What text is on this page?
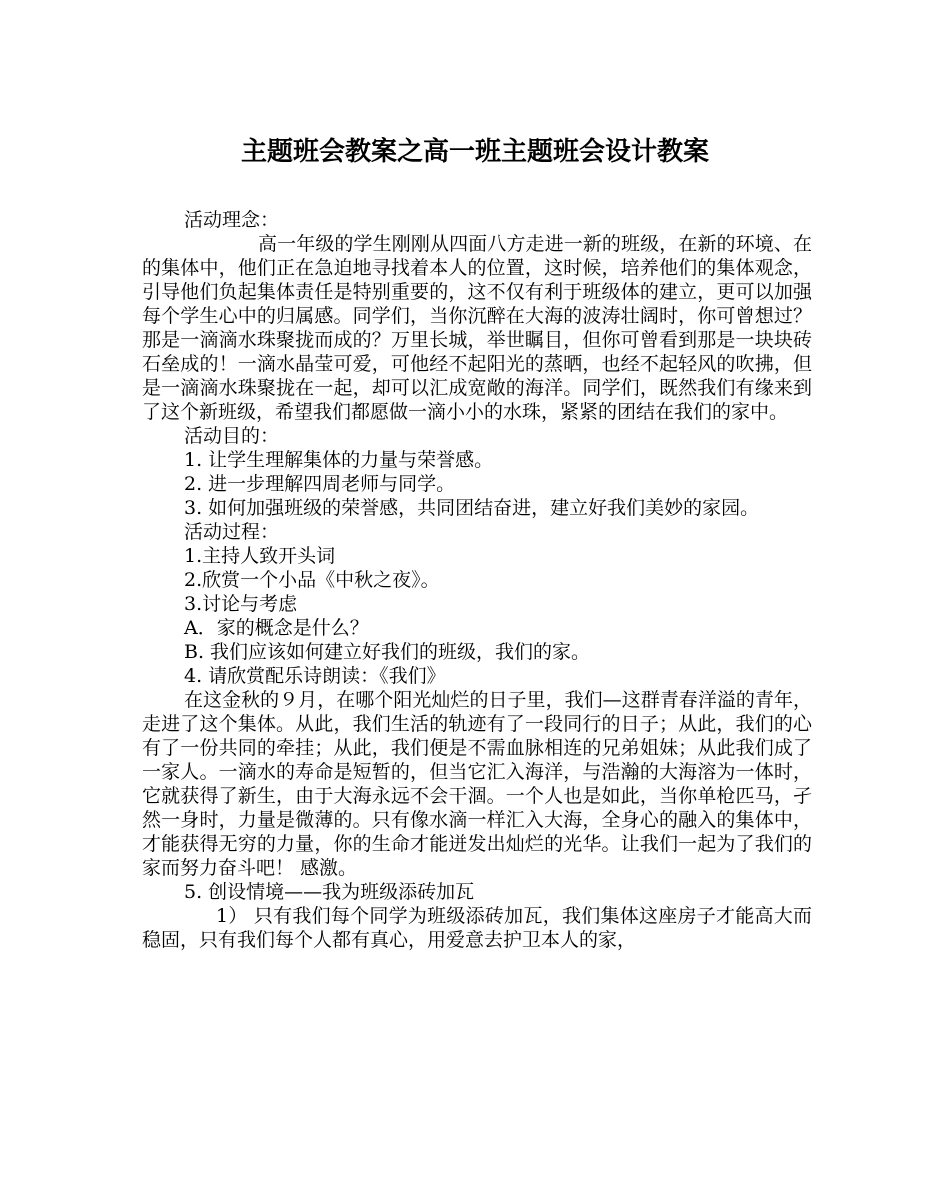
主题班会教案之高一班主题班会设计教案

活动理念：

高一年级的学生刚刚从四面八方走进一新的班级，在新的环境、在的集体中，他们正在急迫地寻找着本人的位置，这时候，培养他们的集体观念，引导他们负起集体责任是特别重要的，这不仅有利于班级体的建立，更可以加强每个学生心中的归属感。同学们，当你沉醉在大海的波涛壮阔时，你可曾想过？那是一滴滴水珠聚拢而成的？万里长城，举世瞩目，但你可曾看到那是一块块砖石垒成的！一滴水晶莹可爱，可他经不起阳光的蒸晒，也经不起轻风的吹拂，但是一滴滴水珠聚拢在一起，却可以汇成宽敞的海洋。同学们，既然我们有缘来到了这个新班级，希望我们都愿做一滴小小的水珠，紧紧的团结在我们的家中。

活动目的：

1. 让学生理解集体的力量与荣誉感。

2. 进一步理解四周老师与同学。

3. 如何加强班级的荣誉感，共同团结奋进，建立好我们美妙的家园。

活动过程：

1.主持人致开头词

2.欣赏一个小品《中秋之夜》。

3.讨论与考虑

A．家的概念是什么？

B. 我们应该如何建立好我们的班级，我们的家。

4. 请欣赏配乐诗朗读：《我们》

在这金秋的９月，在哪个阳光灿烂的日子里，我们—这群青春洋溢的青年，走进了这个集体。从此，我们生活的轨迹有了一段同行的日子；从此，我们的心有了一份共同的牵挂；从此，我们便是不需血脉相连的兄弟姐妹；从此我们成了一家人。一滴水的寿命是短暂的，但当它汇入海洋，与浩瀚的大海溶为一体时，它就获得了新生，由于大海永远不会干涸。一个人也是如此，当你单枪匹马，孑然一身时，力量是微薄的。只有像水滴一样汇入大海，全身心的融入的集体中，才能获得无穷的力量，你的生命才能迸发出灿烂的光华。让我们一起为了我们的家而努力奋斗吧！ 感激。

5. 创设情境——我为班级添砖加瓦

1） 只有我们每个同学为班级添砖加瓦，我们集体这座房子才能高大而稳固，只有我们每个人都有真心，用爱意去护卫本人的家，
